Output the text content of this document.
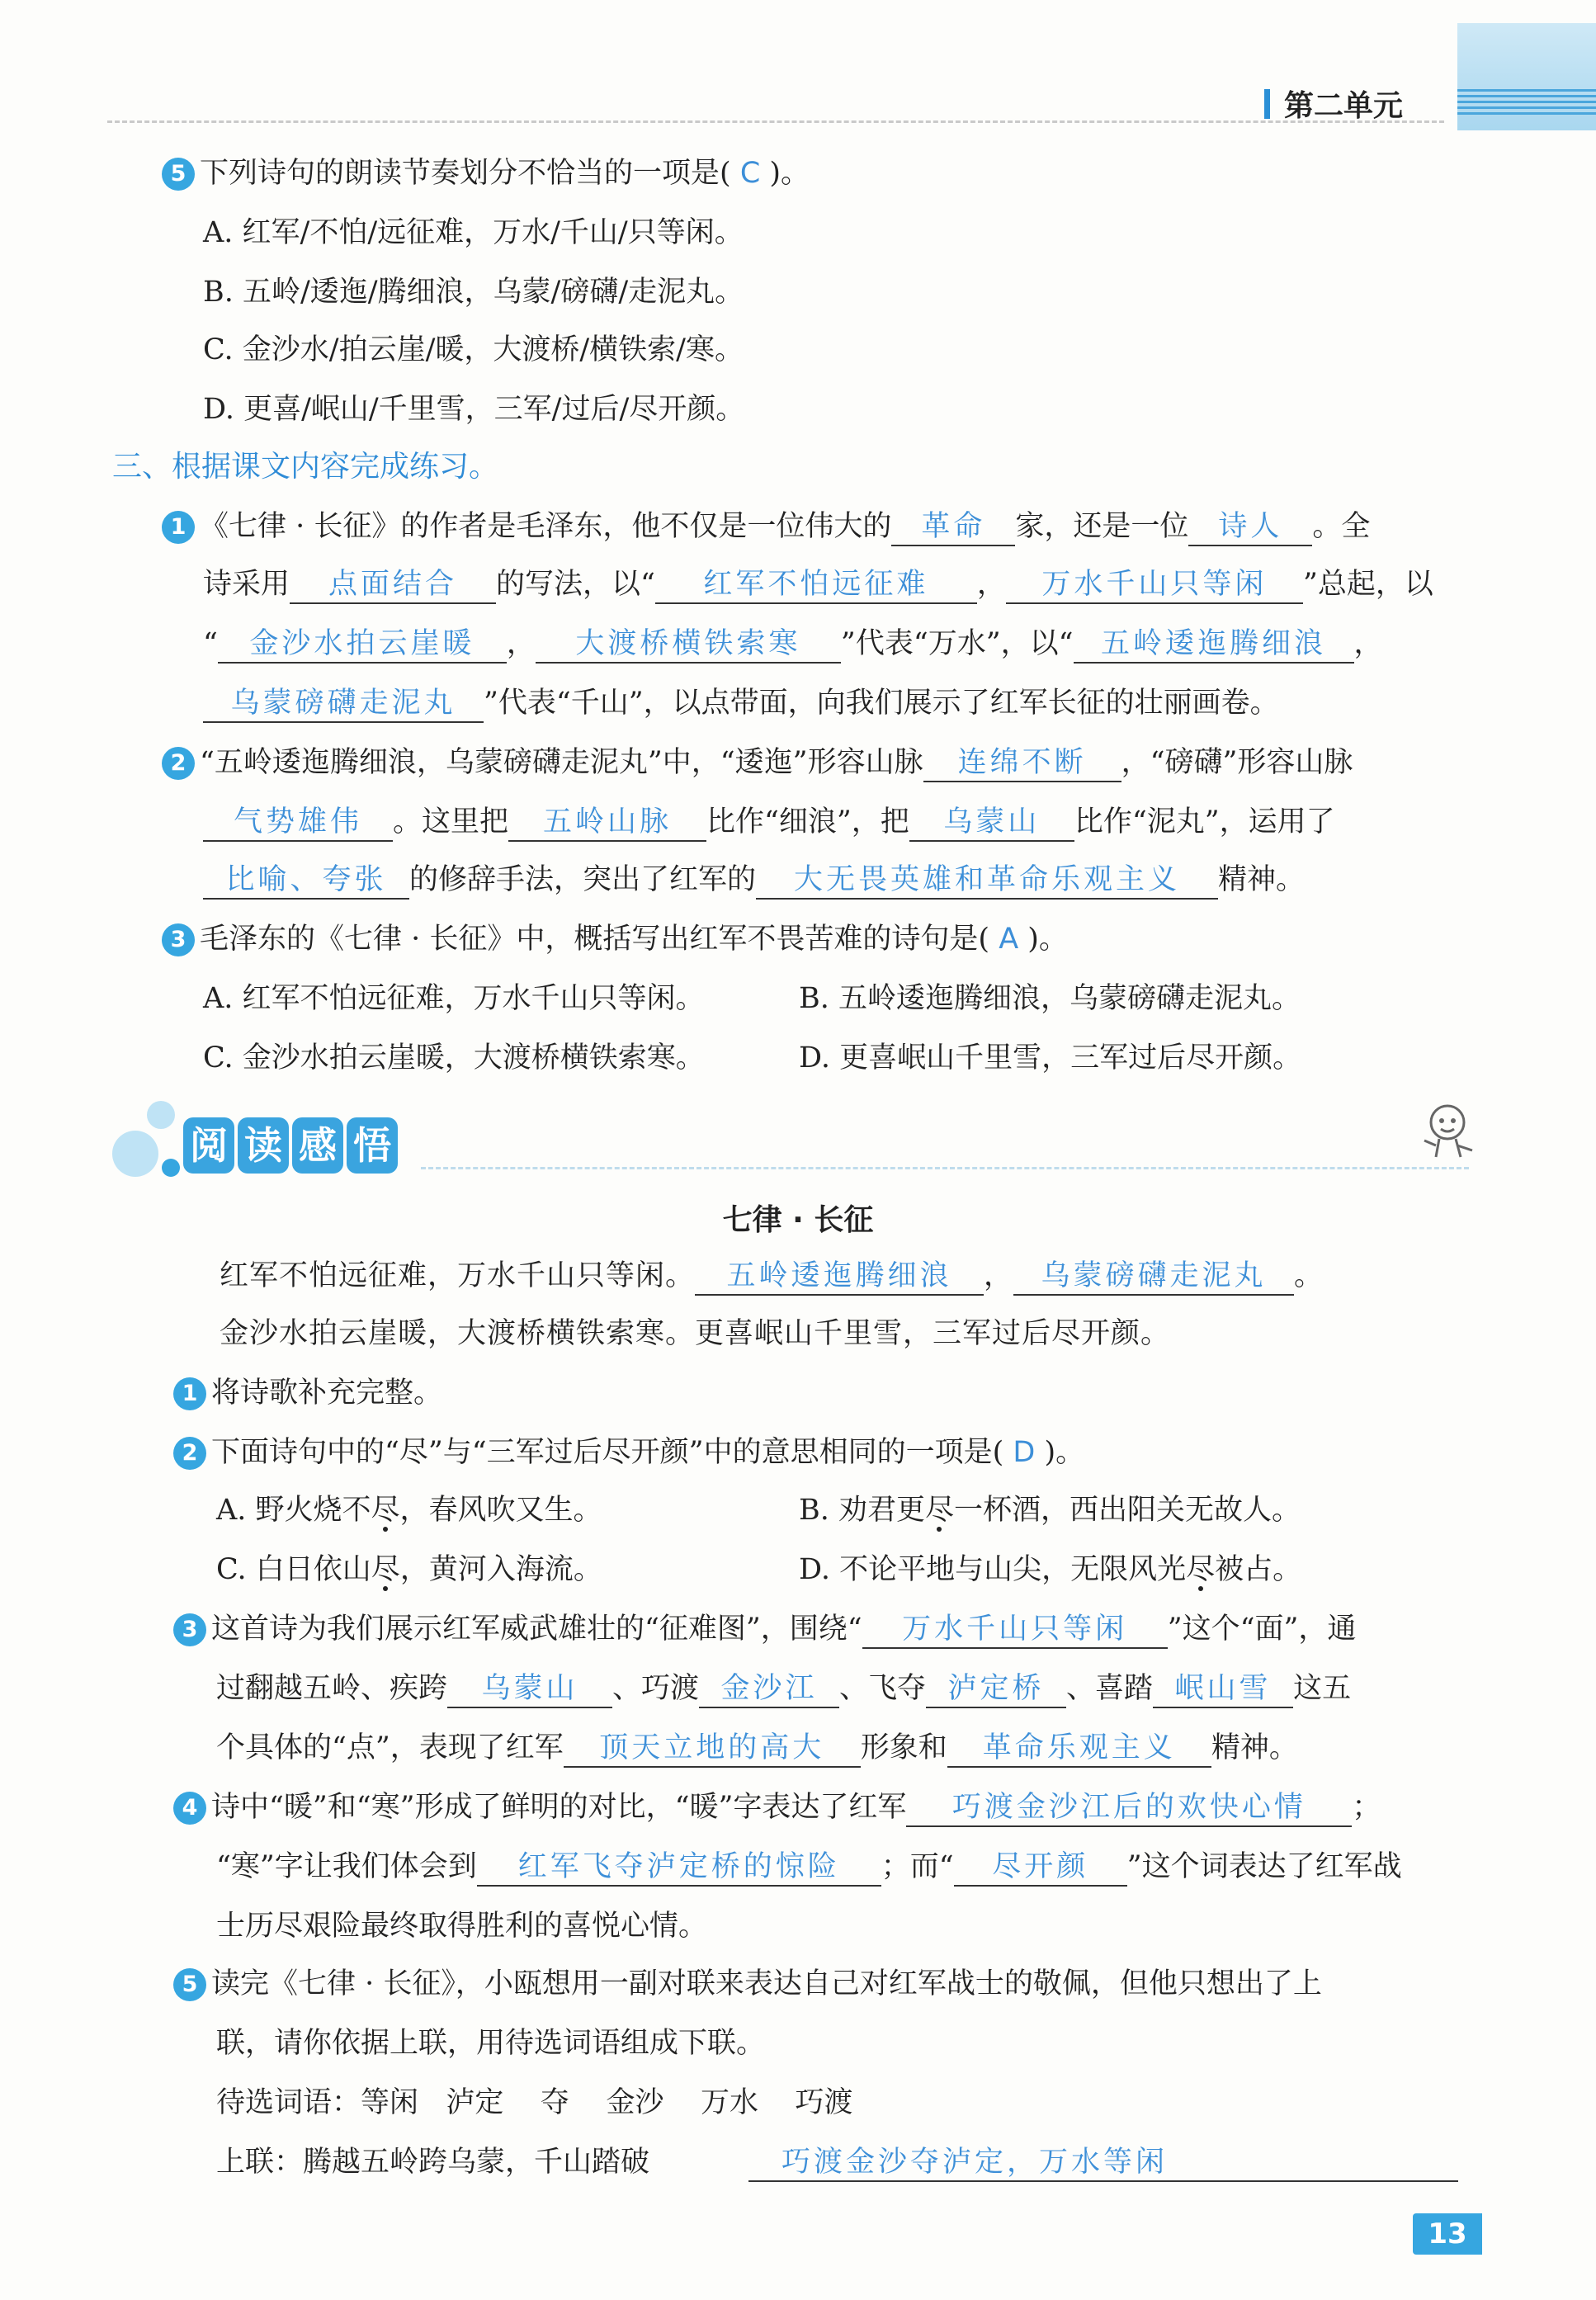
第二单元
5 下列诗句的朗读节奏划分不恰当的一项是( C )。
A. 红军/不怕/远征难，万水/千山/只等闲。
B. 五岭/逶迤/腾细浪，乌蒙/磅礴/走泥丸。
C. 金沙水/拍云崖/暖，大渡桥/横铁索/寒。
D. 更喜/岷山/千里雪，三军/过后/尽开颜。
三、根据课文内容完成练习。
1 《七律 · 长征》的作者是毛泽东，他不仅是一位伟大的 革命 家，还是一位 诗人 。全
诗采用 点面结合 的写法，以“ 红军不怕远征难 ， 万水千山只等闲 ”总起，以
“ 金沙水拍云崖暖 ， 大渡桥横铁索寒 ”代表“万水”，以“ 五岭逶迤腾细浪 ，
乌蒙磅礴走泥丸 ”代表“千山”，以点带面，向我们展示了红军长征的壮丽画卷。
2 “五岭逶迤腾细浪，乌蒙磅礴走泥丸”中，“逶迤”形容山脉 连绵不断 ，“磅礴”形容山脉
气势雄伟 。这里把 五岭山脉 比作“细浪”，把 乌蒙山 比作“泥丸”，运用了
比喻、夸张 的修辞手法，突出了红军的 大无畏英雄和革命乐观主义 精神。
3 毛泽东的《七律 · 长征》中，概括写出红军不畏苦难的诗句是( A )。
A. 红军不怕远征难，万水千山只等闲。	B. 五岭逶迤腾细浪，乌蒙磅礴走泥丸。
C. 金沙水拍云崖暖，大渡桥横铁索寒。	D. 更喜岷山千里雪，三军过后尽开颜。
阅 读 感 悟
七律 · 长征
红军不怕远征难，万水千山只等闲。 五岭逶迤腾细浪 ， 乌蒙磅礴走泥丸 。
金沙水拍云崖暖，大渡桥横铁索寒。更喜岷山千里雪，三军过后尽开颜。
1 将诗歌补充完整。
2 下面诗句中的“尽”与“三军过后尽开颜”中的意思相同的一项是( D )。
A. 野火烧不尽，春风吹又生。	B. 劝君更尽一杯酒，西出阳关无故人。
C. 白日依山尽，黄河入海流。	D. 不论平地与山尖，无限风光尽被占。
3 这首诗为我们展示红军威武雄壮的“征难图”，围绕“ 万水千山只等闲 ”这个“面”，通
过翻越五岭、疾跨 乌蒙山 、巧渡 金沙江 、飞夺 泸定桥 、喜踏 岷山雪 这五
个具体的“点”，表现了红军 顶天立地的高大 形象和 革命乐观主义 精神。
4 诗中“暖”和“寒”形成了鲜明的对比，“暖”字表达了红军 巧渡金沙江后的欢快心情 ；
“寒”字让我们体会到 红军飞夺泸定桥的惊险 ；而“ 尽开颜 ”这个词表达了红军战
士历尽艰险最终取得胜利的喜悦心情。
5 读完《七律 · 长征》，小瓯想用一副对联来表达自己对红军战士的敬佩，但他只想出了上
联，请你依据上联，用待选词语组成下联。
待选词语：等闲 泸定 夺 金沙 万水 巧渡
上联：腾越五岭跨乌蒙，千山踏破	巧渡金沙夺泸定，万水等闲
13
